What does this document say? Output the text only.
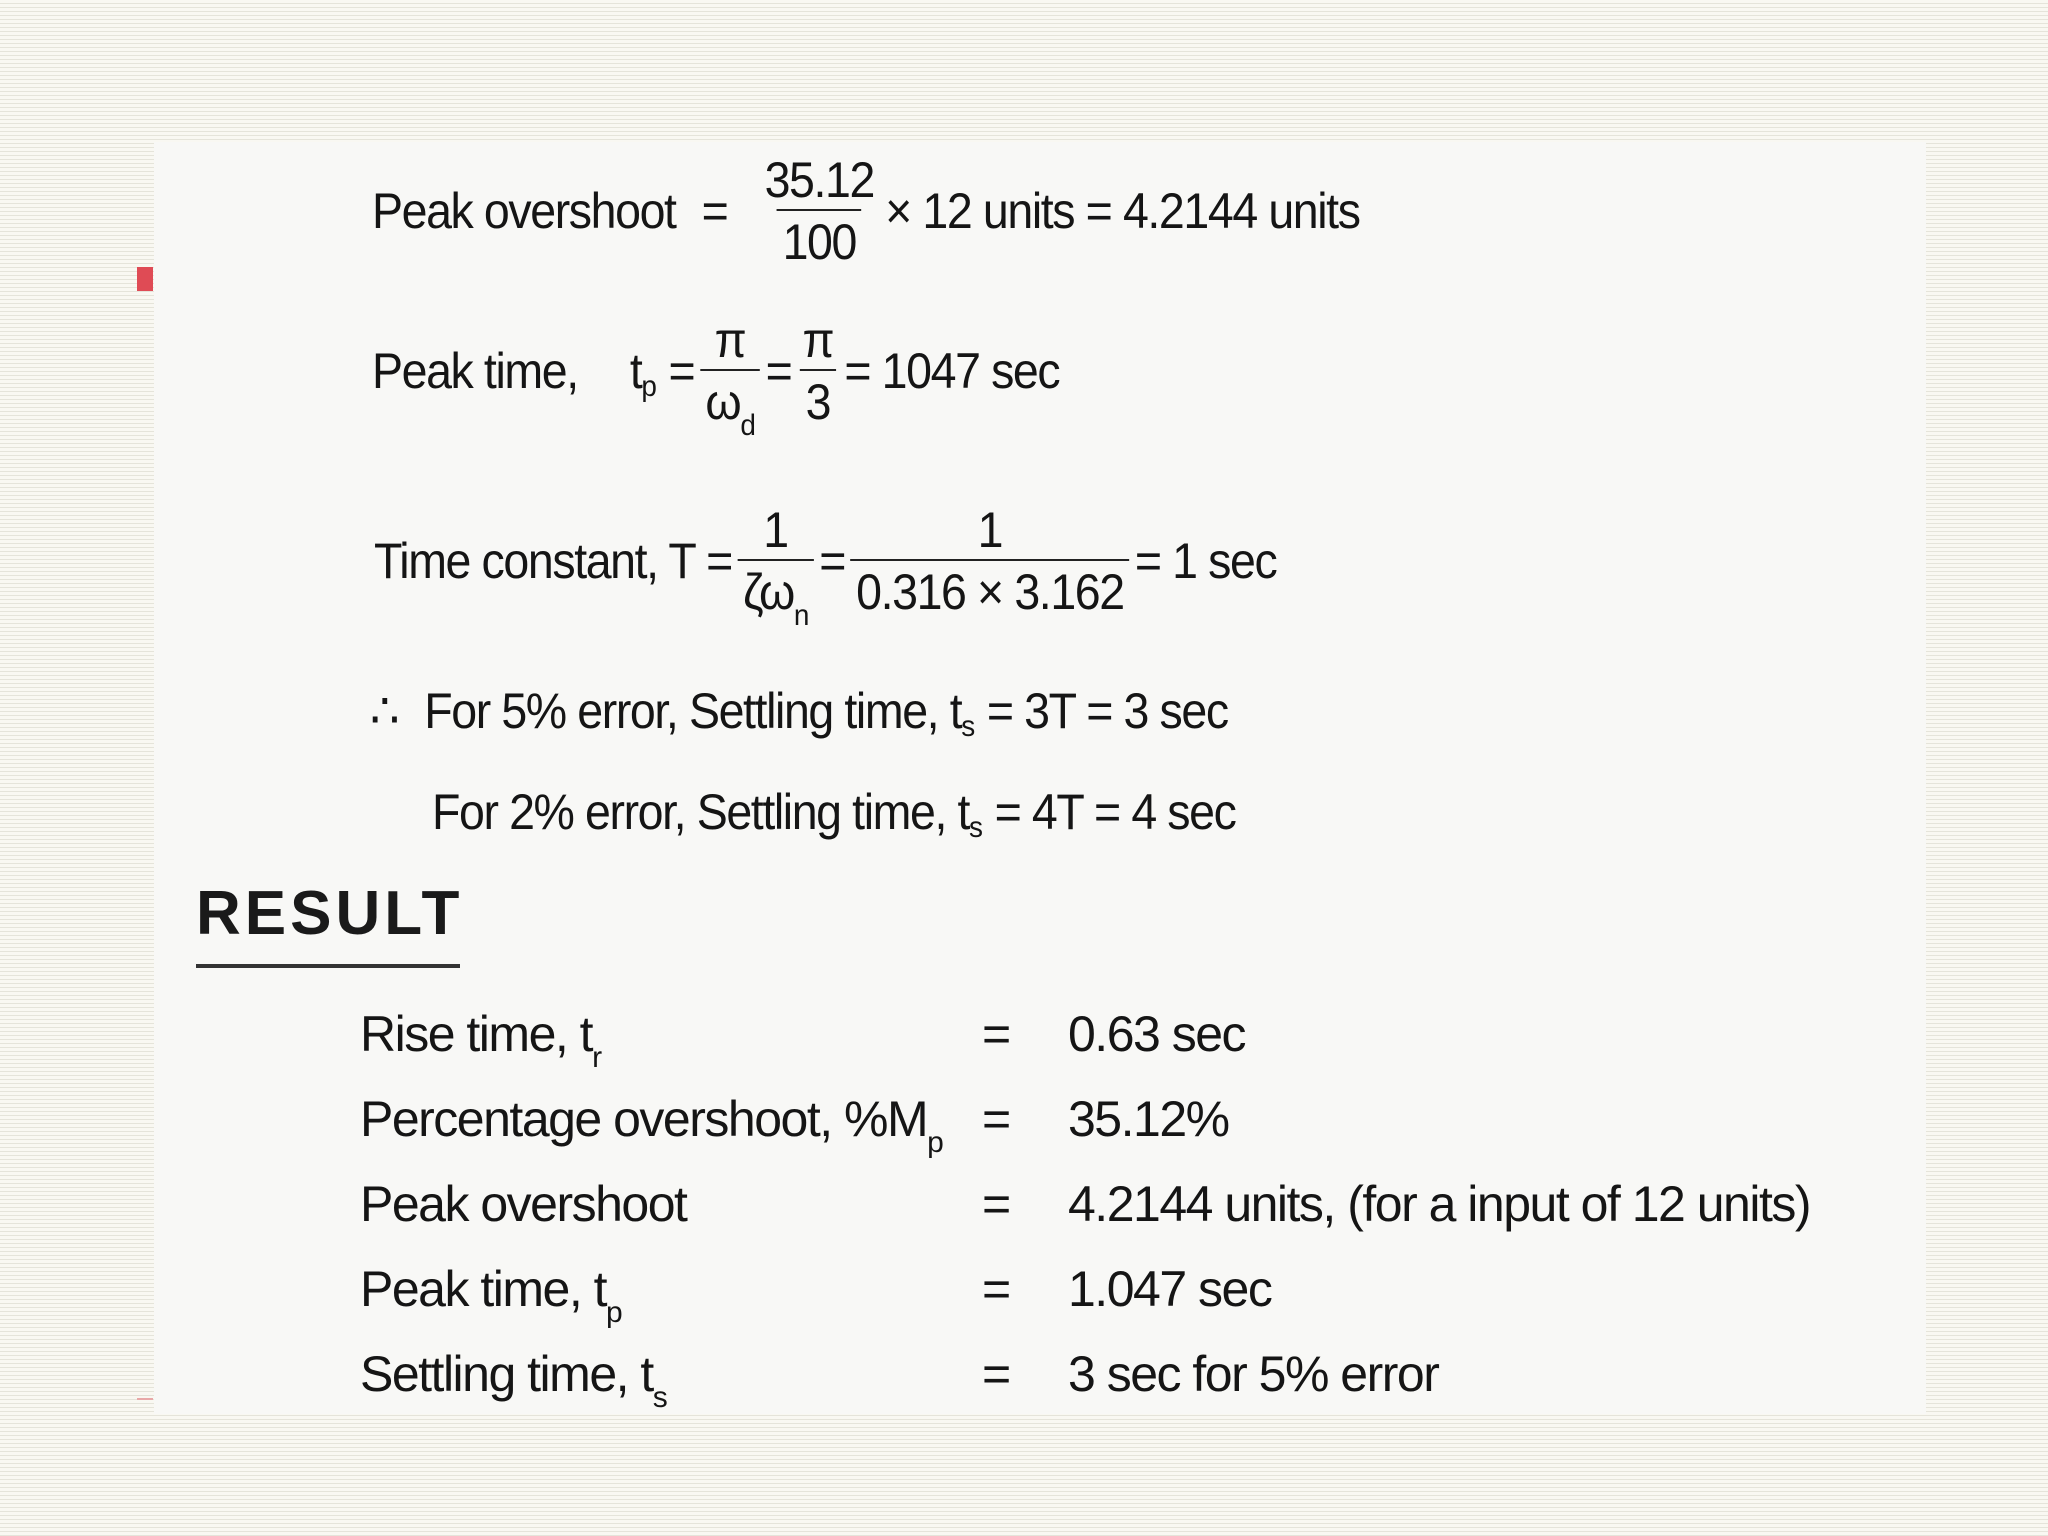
Peak overshoot = $\frac{35.12}{100} \times 12$ units = 4.2144 units
Peak time, t $p = \frac{\pi}{\omega_d} = \frac{\pi}{3} = 1047$ sec
Time constant, $T = \frac{1}{\zeta\omega_n} = \frac{1}{0.316 \times 3.162} = 1$ sec
∴ For 5% error, Settling time, t s = 3T = 3 sec
For 2% error, Settling time, t s = 4T = 4 sec
RESULT
Rise time, $t_r$	= 0.63 sec
Percentage overshoot, $\%M_p = 35.12\%$
Peak overshoot	= 4.2144 units, (for a input of 12 units)
Peak time, $t_p$	= 1.047 sec
Settling time, $t_s$	= 3 sec for 5% error
